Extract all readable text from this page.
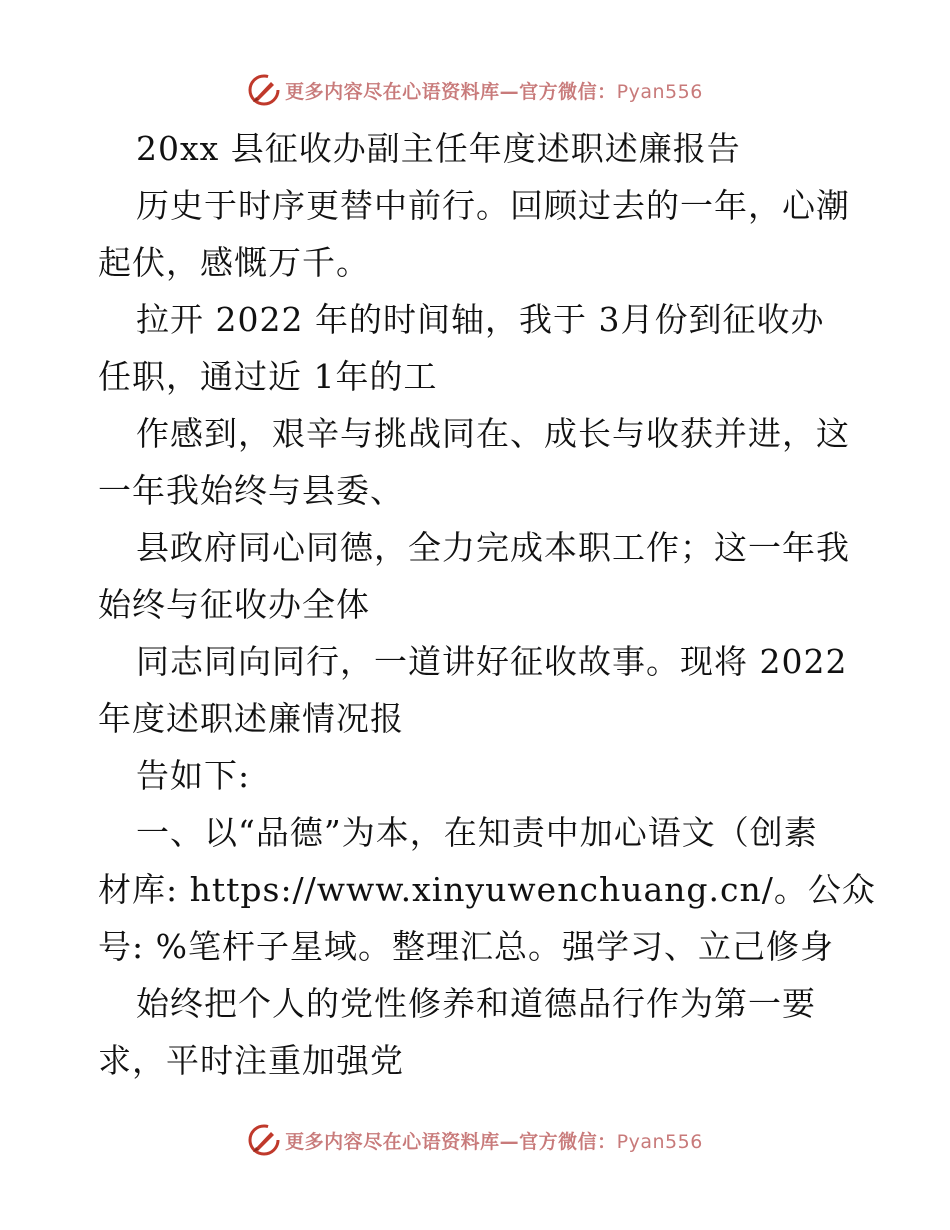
更多内容尽在心语资料库—官方微信：Pyan556
20xx 县征收办副主任年度述职述廉报告
历史于时序更替中前行。回顾过去的一年，心潮
起伏，感慨万千。
拉开 2022 年的时间轴，我于 3月份到征收办
任职，通过近 1年的工
作感到，艰辛与挑战同在、成长与收获并进，这
一年我始终与县委、
县政府同心同德，全力完成本职工作；这一年我
始终与征收办全体
同志同向同行，一道讲好征收故事。现将 2022
年度述职述廉情况报
告如下:
一、以“品德”为本，在知责中加心语文（创素
材库: https://www.xinyuwenchuang.cn/。公众
号: %笔杆子星域。整理汇总。强学习、立己修身
始终把个人的党性修养和道德品行作为第一要
求，平时注重加强党
更多内容尽在心语资料库—官方微信：Pyan556
